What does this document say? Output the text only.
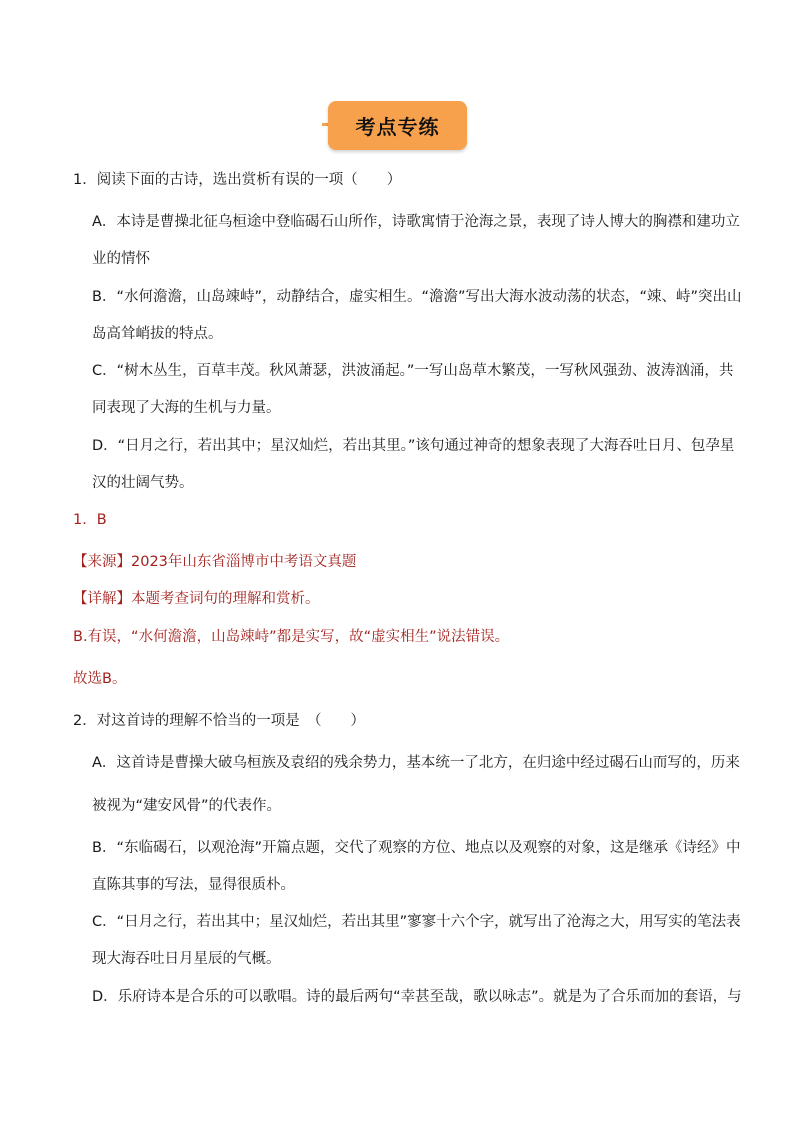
考点专练
1．阅读下面的古诗，选出赏析有误的一项（　　）
A．本诗是曹操北征乌桓途中登临碣石山所作，诗歌寓情于沧海之景，表现了诗人博大的胸襟和建功立
业的情怀
B．“水何澹澹，山岛竦峙”，动静结合，虚实相生。“澹澹”写出大海水波动荡的状态，“竦、峙”突出山
岛高耸峭拔的特点。
C．“树木丛生，百草丰茂。秋风萧瑟，洪波涌起。”一写山岛草木繁茂，一写秋风强劲、波涛汹涌，共
同表现了大海的生机与力量。
D．“日月之行，若出其中；星汉灿烂，若出其里。”该句通过神奇的想象表现了大海吞吐日月、包孕星
汉的壮阔气势。
1．B
【来源】2023年山东省淄博市中考语文真题
【详解】本题考查词句的理解和赏析。
B.有误，“水何澹澹，山岛竦峙”都是实写，故“虚实相生”说法错误。
故选B。
2．对这首诗的理解不恰当的一项是　（　　）
A．这首诗是曹操大破乌桓族及袁绍的残余势力，基本统一了北方，在归途中经过碣石山而写的，历来
被视为“建安风骨”的代表作。
B．“东临碣石，以观沧海”开篇点题，交代了观察的方位、地点以及观察的对象，这是继承《诗经》中
直陈其事的写法，显得很质朴。
C．“日月之行，若出其中；星汉灿烂，若出其里”寥寥十六个字，就写出了沧海之大，用写实的笔法表
现大海吞吐日月星辰的气概。
D．乐府诗本是合乐的可以歌唱。诗的最后两句“幸甚至哉，歌以咏志”。就是为了合乐而加的套语，与
